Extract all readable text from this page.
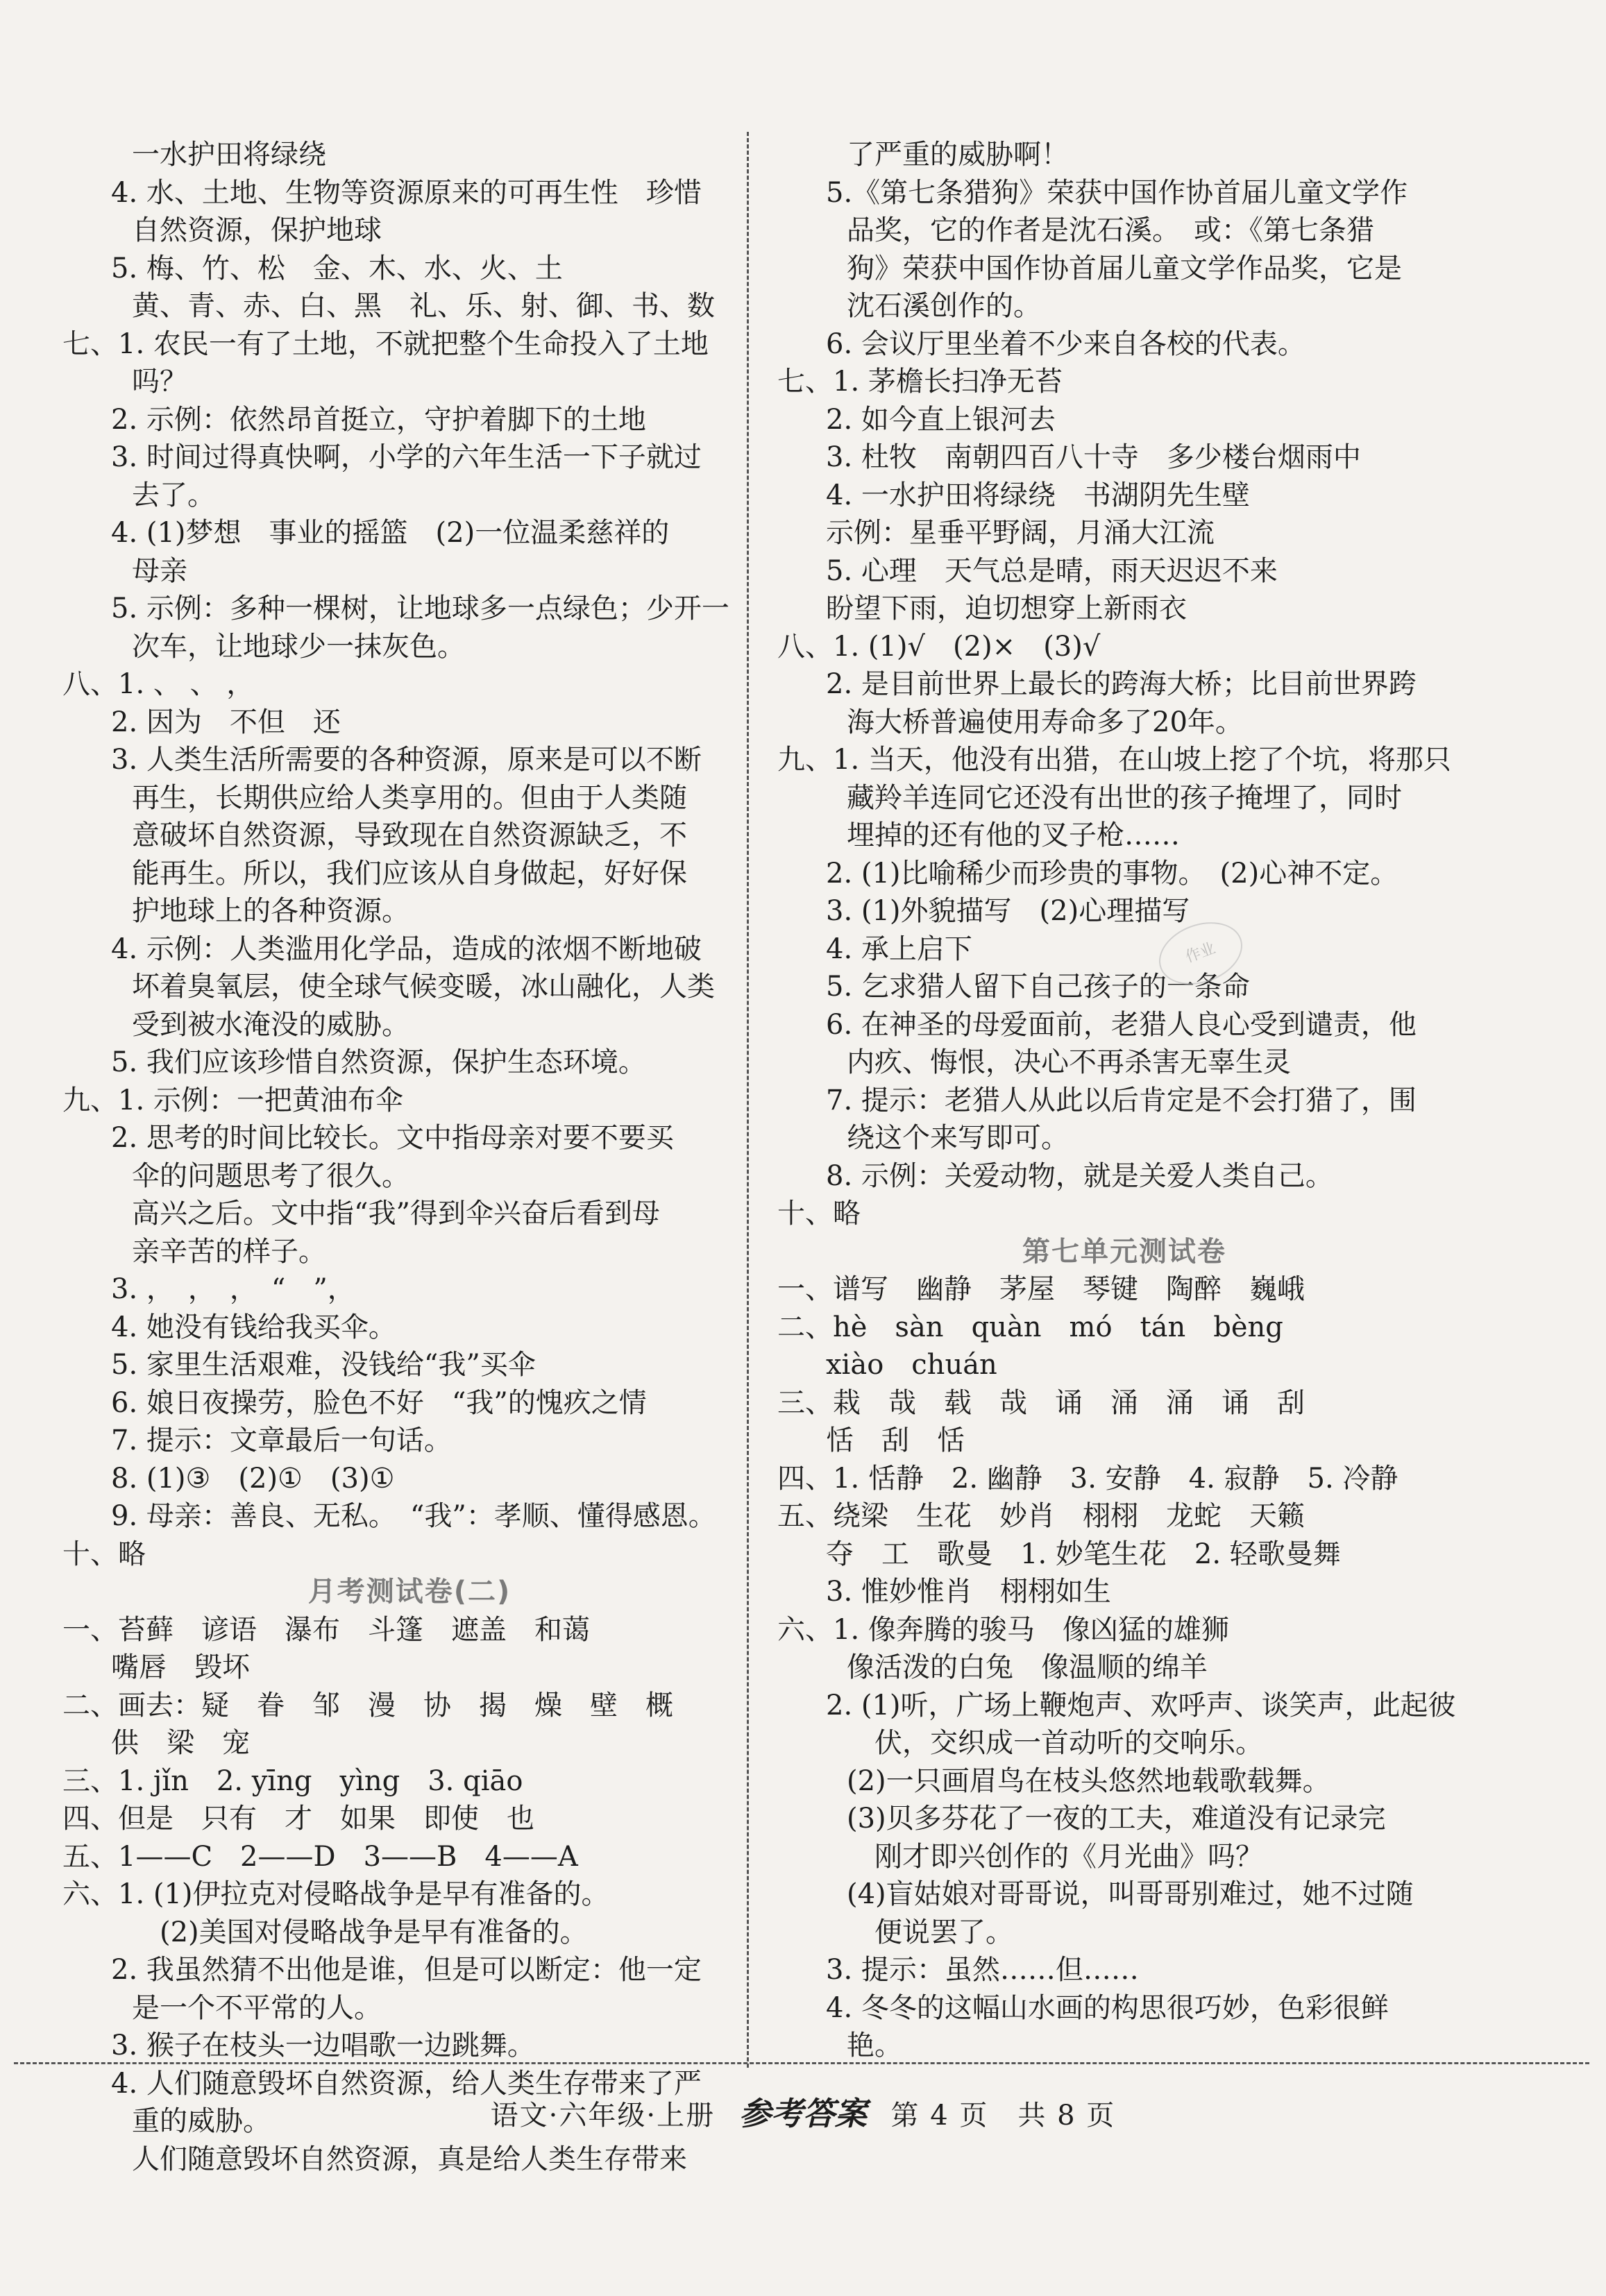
一水护田将绿绕
4. 水、土地、生物等资源原来的可再生性　珍惜
自然资源，保护地球
5. 梅、竹、松　金、木、水、火、土
黄、青、赤、白、黑　礼、乐、射、御、书、数
七、1. 农民一有了土地，不就把整个生命投入了土地
吗？
2. 示例：依然昂首挺立，守护着脚下的土地
3. 时间过得真快啊，小学的六年生活一下子就过
去了。
4. (1)梦想　事业的摇篮　(2)一位温柔慈祥的
母亲
5. 示例：多种一棵树，让地球多一点绿色；少开一
次车，让地球少一抹灰色。
八、1. 、 、 ，
2. 因为　不但　还
3. 人类生活所需要的各种资源，原来是可以不断
再生，长期供应给人类享用的。但由于人类随
意破坏自然资源，导致现在自然资源缺乏，不
能再生。所以，我们应该从自身做起，好好保
护地球上的各种资源。
4. 示例：人类滥用化学品，造成的浓烟不断地破
坏着臭氧层，使全球气候变暖，冰山融化，人类
受到被水淹没的威胁。
5. 我们应该珍惜自然资源，保护生态环境。
九、1. 示例：一把黄油布伞
2. 思考的时间比较长。文中指母亲对要不要买
伞的问题思考了很久。
高兴之后。文中指“我”得到伞兴奋后看到母
亲辛苦的样子。
3. ，　，　，　“　”，
4. 她没有钱给我买伞。
5. 家里生活艰难，没钱给“我”买伞
6. 娘日夜操劳，脸色不好　“我”的愧疚之情
7. 提示：文章最后一句话。
8. (1)③　(2)①　(3)①
9. 母亲：善良、无私。　“我”：孝顺、懂得感恩。
十、略
月考测试卷(二)
一、苔藓　谚语　瀑布　斗篷　遮盖　和蔼
嘴唇　毁坏
二、画去：疑　眷　邹　漫　协　揭　燥　壁　概
供　梁　宠
三、1. jǐn　2. yīng　yìng　3. qiāo
四、但是　只有　才　如果　即使　也
五、1——C　2——D　3——B　4——A
六、1. (1)伊拉克对侵略战争是早有准备的。
(2)美国对侵略战争是早有准备的。
2. 我虽然猜不出他是谁，但是可以断定：他一定
是一个不平常的人。
3. 猴子在枝头一边唱歌一边跳舞。
4. 人们随意毁坏自然资源，给人类生存带来了严
重的威胁。
人们随意毁坏自然资源，真是给人类生存带来
了严重的威胁啊！
5.《第七条猎狗》荣获中国作协首届儿童文学作
品奖，它的作者是沈石溪。　或：《第七条猎
狗》荣获中国作协首届儿童文学作品奖，它是
沈石溪创作的。
6. 会议厅里坐着不少来自各校的代表。
七、1. 茅檐长扫净无苔
2. 如今直上银河去
3. 杜牧　南朝四百八十寺　多少楼台烟雨中
4. 一水护田将绿绕　书湖阴先生壁
示例：星垂平野阔，月涌大江流
5. 心理　天气总是晴，雨天迟迟不来
盼望下雨，迫切想穿上新雨衣
八、1. (1)√　(2)×　(3)√
2. 是目前世界上最长的跨海大桥；比目前世界跨
海大桥普遍使用寿命多了20年。
九、1. 当天，他没有出猎，在山坡上挖了个坑，将那只
藏羚羊连同它还没有出世的孩子掩埋了，同时
埋掉的还有他的叉子枪……
2. (1)比喻稀少而珍贵的事物。　(2)心神不定。
3. (1)外貌描写　(2)心理描写
4. 承上启下
5. 乞求猎人留下自己孩子的一条命
6. 在神圣的母爱面前，老猎人良心受到谴责，他
内疚、悔恨，决心不再杀害无辜生灵
7. 提示：老猎人从此以后肯定是不会打猎了，围
绕这个来写即可。
8. 示例：关爱动物，就是关爱人类自己。
十、略
第七单元测试卷
一、谱写　幽静　茅屋　琴键　陶醉　巍峨
二、hè　sàn　quàn　mó　tán　bèng
xiào　chuán
三、栽　哉　载　哉　诵　涌　涌　诵　刮
恬　刮　恬
四、1. 恬静　2. 幽静　3. 安静　4. 寂静　5. 冷静
五、绕梁　生花　妙肖　栩栩　龙蛇　天籁
夺　工　歌曼　1. 妙笔生花　2. 轻歌曼舞
3. 惟妙惟肖　栩栩如生
六、1. 像奔腾的骏马　像凶猛的雄狮
像活泼的白兔　像温顺的绵羊
2. (1)听，广场上鞭炮声、欢呼声、谈笑声，此起彼
伏，交织成一首动听的交响乐。
(2)一只画眉鸟在枝头悠然地载歌载舞。
(3)贝多芬花了一夜的工夫，难道没有记录完
刚才即兴创作的《月光曲》吗？
(4)盲姑娘对哥哥说，叫哥哥别难过，她不过随
便说罢了。
3. 提示：虽然……但……
4. 冬冬的这幅山水画的构思很巧妙，色彩很鲜
艳。
作业
语文·六年级·上册 参考答案 第 4 页　共 8 页
